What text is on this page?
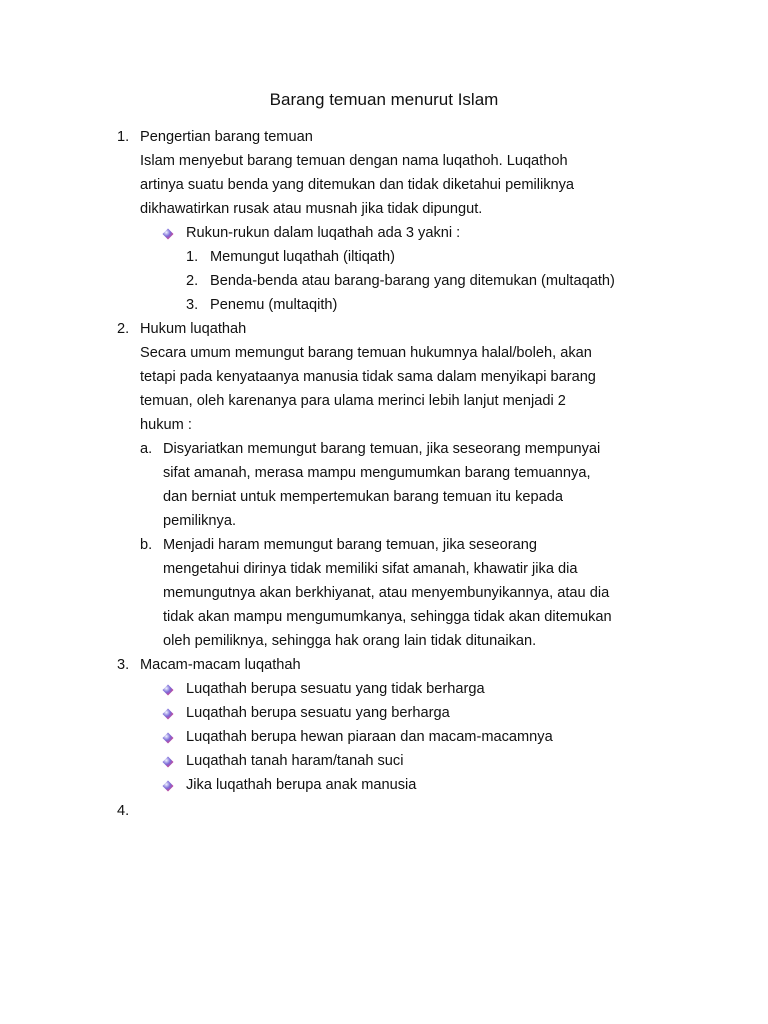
Barang temuan menurut Islam
1. Pengertian barang temuan
Islam menyebut barang temuan dengan nama luqathoh. Luqathoh
artinya suatu benda yang ditemukan dan tidak diketahui pemiliknya
dikhawatirkan rusak atau musnah jika tidak dipungut.
Rukun-rukun dalam luqathah ada 3 yakni :
1. Memungut luqathah (iltiqath)
2. Benda-benda atau barang-barang yang ditemukan (multaqath)
3. Penemu (multaqith)
2. Hukum luqathah
Secara umum memungut barang temuan hukumnya halal/boleh, akan
tetapi pada kenyataanya manusia tidak sama dalam menyikapi barang
temuan, oleh karenanya para ulama merinci lebih lanjut menjadi 2
hukum :
a. Disyariatkan memungut barang temuan, jika seseorang mempunyai
sifat amanah, merasa mampu mengumumkan barang temuannya,
dan berniat untuk mempertemukan barang temuan itu kepada
pemiliknya.
b. Menjadi haram memungut barang temuan, jika seseorang
mengetahui dirinya tidak memiliki sifat amanah, khawatir jika dia
memungutnya akan berkhiyanat, atau menyembunyikannya, atau dia
tidak akan mampu mengumumkanya, sehingga tidak akan ditemukan
oleh pemiliknya, sehingga hak orang lain tidak ditunaikan.
3. Macam-macam luqathah
Luqathah berupa sesuatu yang tidak berharga
Luqathah berupa sesuatu yang berharga
Luqathah berupa hewan piaraan dan macam-macamnya
Luqathah tanah haram/tanah suci
Jika luqathah berupa anak manusia
4.
